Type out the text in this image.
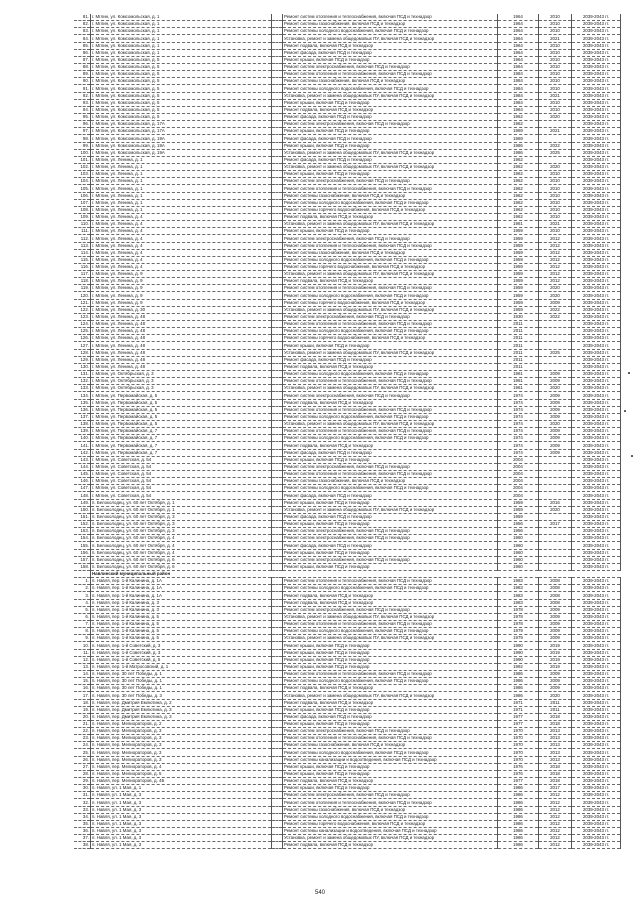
81.	г. Мглин, ул. Комсомольская, д. 1		Ремонт систем отопления и теплоснабжения, включая ПСД и технадзор	1964	2010	2039-2043 гг.
82.	г. Мглин, ул. Комсомольская, д. 1		Ремонт системы газоснабжения, включая ПСД и технадзор	1964	2010	2039-2043 гг.
83.	г. Мглин, ул. Комсомольская, д. 1		Ремонт системы холодного водоснабжения, включая ПСД и технадзор	1964	2010	2039-2043 гг.
84.	г. Мглин, ул. Комсомольская, д. 1		Установка, ремонт и замена общедомовых ПУ, включая ПСД и технадзор	1964	2021	2039-2043 гг.
85.	г. Мглин, ул. Комсомольская, д. 1		Ремонт подвала, включая ПСД и технадзор	1964	2010	2039-2043 гг.
86.	г. Мглин, ул. Комсомольская, д. 1		Ремонт фасада, включая ПСД и технадзор	1964	2010	2039-2043 гг.
87.	г. Мглин, ул. Комсомольская, д. 5		Ремонт крыши, включая ПСД и технадзор	1964	2010	2039-2043 гг.
88.	г. Мглин, ул. Комсомольская, д. 5		Ремонт систем электроснабжения, включая ПСД и технадзор	1964	2010	2039-2043 гг.
89.	г. Мглин, ул. Комсомольская, д. 5		Ремонт систем отопления и теплоснабжения, включая ПСД и технадзор	1984	2010	2039-2043 гг.
90.	г. Мглин, ул. Комсомольская, д. 5		Ремонт системы газоснабжения, включая ПСД и технадзор	1984	2010	2039-2043 гг.
91.	г. Мглин, ул. Комсомольская, д. 5		Ремонт системы холодного водоснабжения, включая ПСД и технадзор	1984	2010	2039-2043 гг.
92.	г. Мглин, ул. Комсомольская, д. 5		Установка, ремонт и замена общедомовых ПУ, включая ПСД и технадзор	1984	2021	2039-2043 гг.
93.	г. Мглин, ул. Комсомольская, д. 5		Ремонт крыши, включая ПСД и технадзор	1984	2010	2039-2043 гг.
94.	г. Мглин, ул. Комсомольская, д. 5		Ремонт подвала, включая ПСД и технадзор	1984	2010	2039-2043 гг.
95.	г. Мглин, ул. Комсомольская, д. 5		Ремонт фасада, включая ПСД и технадзор	1962	2020	2039-2043 гг.
96.	г. Мглин, ул. Комсомольская, д. 17А		Ремонт систем электроснабжения, включая ПСД и технадзор	1962		2039-2043 гг.
97.	г. Мглин, ул. Комсомольская, д. 17А		Ремонт крыши, включая ПСД и технадзор	1969	2021	2039-2043 гг.
98.	г. Мглин, ул. Комсомольская, д. 19А		Ремонт фасада, включая ПСД и технадзор	1969		2039-2043 гг.
99.	г. Мглин, ул. Комсомольская, д. 19А		Ремонт крыши, включая ПСД и технадзор	1986	2022	2039-2043 гг.
100.	г. Мглин, ул. Комсомольская, д. 19А		Установка, ремонт и замена общедомовых ПУ, включая ПСД и технадзор	1986	2025	2039-2043 гг.
101.	г. Мглин, ул. Ленина, д. 1		Ремонт фасада, включая ПСД и технадзор	1962		2039-2043 гг.
102.	г. Мглин, ул. Ленина, д. 1		Установка, ремонт и замена общедомовых ПУ, включая ПСД и технадзор	1962	2020	2039-2043 гг.
103.	г. Мглин, ул. Ленина, д. 1		Ремонт крыши, включая ПСД и технадзор	1962	2010	2039-2043 гг.
104.	г. Мглин, ул. Ленина, д. 1		Ремонт систем электроснабжения, включая ПСД и технадзор	1962	2010	2039-2043 гг.
105.	г. Мглин, ул. Ленина, д. 1		Ремонт систем отопления и теплоснабжения, включая ПСД и технадзор	1962	2010	2039-2043 гг.
106.	г. Мглин, ул. Ленина, д. 1		Ремонт системы газоснабжения, включая ПСД и технадзор	1962	2010	2039-2043 гг.
107.	г. Мглин, ул. Ленина, д. 1		Ремонт системы холодного водоснабжения, включая ПСД и технадзор	1962	2010	2039-2043 гг.
108.	г. Мглин, ул. Ленина, д. 1		Ремонт системы горячего водоснабжения, включая ПСД и технадзор	1962	2010	2039-2043 гг.
109.	г. Мглин, ул. Ленина, д. 4		Ремонт подвала, включая ПСД и технадзор	1962	2010	2039-2043 гг.
110.	г. Мглин, ул. Ленина, д. 4		Установка, ремонт и замена общедомовых ПУ, включая ПСД и технадзор	1961	2021	2039-2043 гг.
111.	г. Мглин, ул. Ленина, д. 4		Ремонт крыши, включая ПСД и технадзор	1959	2010	2039-2043 гг.
112.	г. Мглин, ул. Ленина, д. 4		Ремонт систем электроснабжения, включая ПСД и технадзор	1959	2012	2039-2043 гг.
113.	г. Мглин, ул. Ленина, д. 4		Ремонт систем отопления и теплоснабжения, включая ПСД и технадзор	1959	2012	2039-2043 гг.
114.	г. Мглин, ул. Ленина, д. 4		Ремонт системы газоснабжения, включая ПСД и технадзор	1959	2012	2039-2043 гг.
115.	г. Мглин, ул. Ленина, д. 4		Ремонт системы холодного водоснабжения, включая ПСД и технадзор	1959	2012	2039-2043 гг.
116.	г. Мглин, ул. Ленина, д. 4		Ремонт системы горячего водоснабжения, включая ПСД и технадзор	1959	2012	2039-2043 гг.
117.	г. Мглин, ул. Ленина, д. 9		Установка, ремонт и замена общедомовых ПУ, включая ПСД и технадзор	1959	2012	2039-2043 гг.
118.	г. Мглин, ул. Ленина, д. 9		Ремонт подвала, включая ПСД и технадзор	1959	2012	2039-2043 гг.
119.	г. Мглин, ул. Ленина, д. 9		Ремонт систем отопления и теплоснабжения, включая ПСД и технадзор	1959	2020	2039-2043 гг.
120.	г. Мглин, ул. Ленина, д. 9		Ремонт системы холодного водоснабжения, включая ПСД и технадзор	1959	2020	2039-2043 гг.
121.	г. Мглин, ул. Ленина, д. 9		Ремонт системы горячего водоснабжения, включая ПСД и технадзор	1959	2009	2039-2043 гг.
122.	г. Мглин, ул. Ленина, д. 30		Установка, ремонт и замена общедомовых ПУ, включая ПСД и технадзор	1959	2022	2039-2043 гг.
123.	г. Мглин, ул. Ленина, д. 48		Ремонт систем электроснабжения, включая ПСД и технадзор	1930	2022	2039-2043 гг.
124.	г. Мглин, ул. Ленина, д. 48		Ремонт систем отопления и теплоснабжения, включая ПСД и технадзор	2011		2039-2043 гг.
125.	г. Мглин, ул. Ленина, д. 48		Ремонт системы холодного водоснабжения, включая ПСД и технадзор	2011		2039-2043 гг.
126.	г. Мглин, ул. Ленина, д. 48		Ремонт системы горячего водоснабжения, включая ПСД и технадзор	2011		2039-2043 гг.
127.	г. Мглин, ул. Ленина, д. 48		Ремонт крыши, включая ПСД и технадзор	2011		2039-2043 гг.
128.	г. Мглин, ул. Ленина, д. 48		Установка, ремонт и замена общедомовых ПУ, включая ПСД и технадзор	2011	2025	2039-2043 гг.
129.	г. Мглин, ул. Ленина, д. 48		Ремонт фасада, включая ПСД и технадзор	2011		2039-2043 гг.
130.	г. Мглин, ул. Ленина, д. 48		Ремонт подвала, включая ПСД и технадзор	2011		2039-2043 гг.
131.	г. Мглин, ул. Октябрьская, д. 3		Ремонт системы холодного водоснабжения, включая ПСД и технадзор	1961	2009	2039-2043 гг.
132.	г. Мглин, ул. Октябрьская, д. 3		Ремонт систем отопления и теплоснабжения, включая ПСД и технадзор	1961	2009	2039-2043 гг.
133.	г. Мглин, ул. Октябрьская, д. 3		Установка, ремонт и замена общедомовых ПУ, включая ПСД и технадзор	1961	2020	2039-2043 гг.
134.	г. Мглин, ул. Первомайская, д. 5		Ремонт систем электроснабжения, включая ПСД и технадзор	1974	2009	2039-2043 гг.
135.	г. Мглин, ул. Первомайская, д. 5		Ремонт подвала, включая ПСД и технадзор	1974	2009	2039-2043 гг.
136.	г. Мглин, ул. Первомайская, д. 5		Ремонт систем отопления и теплоснабжения, включая ПСД и технадзор	1974	2009	2039-2043 гг.
137.	г. Мглин, ул. Первомайская, д. 5		Ремонт системы холодного водоснабжения, включая ПСД и технадзор	1974	2009	2039-2043 гг.
138.	г. Мглин, ул. Первомайская, д. 5		Установка, ремонт и замена общедомовых ПУ, включая ПСД и технадзор	1974	2020	2039-2043 гг.
139.	г. Мглин, ул. Первомайская, д. 7		Ремонт систем отопления и теплоснабжения, включая ПСД и технадзор	1974	2009	2039-2043 гг.
140.	г. Мглин, ул. Первомайская, д. 7		Ремонт системы холодного водоснабжения, включая ПСД и технадзор	1974	2009	2039-2043 гг.
141.	г. Мглин, ул. Первомайская, д. 7		Ремонт подвала, включая ПСД и технадзор	1974	2009	2039-2043 гг.
142.	г. Мглин, ул. Первомайская, д. 7		Ремонт фасада, включая ПСД и технадзор	1974	2009	2039-2043 гг.
143.	г. Мглин, ул. Советская, д. 54		Ремонт крыши, включая ПСД и технадзор	2004		2039-2043 гг.
144.	г. Мглин, ул. Советская, д. 54		Ремонт систем электроснабжения, включая ПСД и технадзор	2004		2039-2043 гг.
145.	г. Мглин, ул. Советская, д. 54		Ремонт систем отопления и теплоснабжения, включая ПСД и технадзор	2004		2039-2043 гг.
146.	г. Мглин, ул. Советская, д. 54		Ремонт системы газоснабжения, включая ПСД и технадзор	2004		2039-2043 гг.
147.	г. Мглин, ул. Советская, д. 54		Ремонт системы холодного водоснабжения, включая ПСД и технадзор	2004		2039-2043 гг.
148.	г. Мглин, ул. Советская, д. 54		Ремонт фасада, включая ПСД и технадзор	2004		2039-2043 гг.
149.	п. Белоколодец, ул. 60 лет Октября, д. 1		Ремонт крыши, включая ПСД и технадзор	1959	2016	2039-2043 гг.
150.	п. Белоколодец, ул. 60 лет Октября, д. 1		Установка, ремонт и замена общедомовых ПУ, включая ПСД и технадзор	1959	2020	2039-2043 гг.
151.	п. Белоколодец, ул. 60 лет Октября, д. 3		Ремонт фасада, включая ПСД и технадзор	1959		2039-2043 гг.
152.	п. Белоколодец, ул. 60 лет Октября, д. 3		Ремонт крыши, включая ПСД и технадзор	1956	2017	2039-2043 гг.
153.	п. Белоколодец, ул. 60 лет Октября, д. 3		Ремонт систем электроснабжения, включая ПСД и технадзор	1956		2039-2043 гг.
154.	п. Белоколодец, ул. 60 лет Октября, д. 4		Ремонт систем электроснабжения, включая ПСД и технадзор	1960		2039-2043 гг.
155.	п. Белоколодец, ул. 60 лет Октября, д. 4		Ремонт фасада, включая ПСД и технадзор	1960		2039-2043 гг.
156.	п. Белоколодец, ул. 60 лет Октября, д. 4		Ремонт крыши, включая ПСД и технадзор	1960		2039-2043 гг.
157.	п. Белоколодец, ул. 60 лет Октября, д. 6		Ремонт систем электроснабжения, включая ПСД и технадзор	1960		2039-2043 гг.
158.	п. Белоколодец, ул. 60 лет Октября, д. 6		Ремонт крыши, включая ПСД и технадзор	1960		2039-2043 гг.
	Навлинский муниципальный район					
1.	п. Навля, пер. 1-й Калинина, д. 1А		Ремонт систем отопления и теплоснабжения, включая ПСД и технадзор	1983	2008	2039-2043 гг.
2.	п. Навля, пер. 1-й Калинина, д. 1А		Ремонт системы холодного водоснабжения, включая ПСД и технадзор	1983	2008	2039-2043 гг.
3.	п. Навля, пер. 1-й Калинина, д. 1А		Ремонт подвала, включая ПСД и технадзор	1983	2008	2039-2043 гг.
4.	п. Навля, пер. 1-й Калинина, д. 3		Ремонт подвала, включая ПСД и технадзор	1983	2008	2039-2043 гг.
5.	п. Навля, пер. 1-й Калинина, д. 3		Ремонт систем электроснабжения, включая ПСД и технадзор	1978	2009	2039-2043 гг.
6.	п. Навля, пер. 1-й Калинина, д. 5		Установка, ремонт и замена общедомовых ПУ, включая ПСД и технадзор	1978	2009	2039-2043 гг.
7.	п. Навля, пер. 1-й Калинина, д. 5		Ремонт систем отопления и теплоснабжения, включая ПСД и технадзор	1978	2009	2039-2043 гг.
8.	п. Навля, пер. 1-й Калинина, д. 5		Ремонт системы холодного водоснабжения, включая ПСД и технадзор	1979	2009	2039-2043 гг.
9.	п. Навля, пер. 1-й Калинина, д. 5		Установка, ремонт и замена общедомовых ПУ, включая ПСД и технадзор	1979	2009	2039-2043 гг.
10.	п. Навля, пер. 1-й Советский, д. 3		Ремонт крыши, включая ПСД и технадзор	1990	2019	2039-2043 гг.
11.	п. Навля, пер. 1-й Советский, д. 3		Ремонт крыши, включая ПСД и технадзор	1990	2019	2039-2043 гг.
12.	п. Навля, пер. 1-й Советский, д. 5		Ремонт крыши, включая ПСД и технадзор	1990	2019	2039-2043 гг.
13.	п. Навля, пер. 1-й Матросовский, д. 1		Ремонт крыши, включая ПСД и технадзор	1992	2019	2039-2043 гг.
14.	п. Навля, пер. 30 лет Победы, д. 1		Ремонт систем отопления и теплоснабжения, включая ПСД и технадзор	1986	2009	2039-2043 гг.
15.	п. Навля, пер. 30 лет Победы, д. 1		Ремонт системы холодного водоснабжения, включая ПСД и технадзор	1986	2009	2039-2043 гг.
16.	п. Навля, пер. 30 лет Победы, д. 1		Ремонт подвала, включая ПСД и технадзор	1986	2009	2039-2043 гг.
17.	п. Навля, пер. 30 лет Победы, д. 3		Установка, ремонт и замена общедомовых ПУ, включая ПСД и технадзор	1986	2020	2039-2043 гг.
18.	п. Навля, пер. Дмитрия Емлютина, д. 2		Ремонт подвала, включая ПСД и технадзор	1971	2011	2039-2043 гг.
19.	п. Навля, пер. Дмитрия Емлютина, д. 3		Ремонт крыши, включая ПСД и технадзор	1971	2011	2039-2043 гг.
20.	п. Навля, пер. Дмитрия Емлютина, д. 3		Ремонт фасада, включая ПСД и технадзор	1977	2018	2039-2043 гг.
21.	п. Навля, пер. Мелиораторов, д. 2		Ремонт крыши, включая ПСД и технадзор	1977	2018	2039-2043 гг.
22.	п. Навля, пер. Мелиораторов, д. 3		Ремонт систем электроснабжения, включая ПСД и технадзор	1970	2013	2039-2043 гг.
23.	п. Навля, пер. Мелиораторов, д. 3		Ремонт систем отопления и теплоснабжения, включая ПСД и технадзор	1970	2013	2039-2043 гг.
24.	п. Навля, пер. Мелиораторов, д. 3		Ремонт системы газоснабжения, включая ПСД и технадзор	1970	2013	2039-2043 гг.
25.	п. Навля, пер. Мелиораторов, д. 3		Ремонт системы холодного водоснабжения, включая ПСД и технадзор	1970	2013	2039-2043 гг.
26.	п. Навля, пер. Мелиораторов, д. 3		Ремонт системы канализации и водоотведения, включая ПСД и технадзор	1970	2013	2039-2043 гг.
27.	п. Навля, пер. Мелиораторов, д. 4		Ремонт крыши, включая ПСД и технадзор	1976	2018	2039-2043 гг.
28.	п. Навля, пер. Мелиораторов, д. 5		Ремонт крыши, включая ПСД и технадзор	1976	2018	2039-2043 гг.
29.	п. Навля, пер. Мелиораторов, д. 4Б		Ремонт подвала, включая ПСД и технадзор	1977	2018	2039-2043 гг.
30.	п. Навля, ул. 1 Мая, д. 1		Ремонт крыши, включая ПСД и технадзор	1986	2017	2039-2043 гг.
31.	п. Навля, ул. 1 Мая, д. 3		Ремонт систем электроснабжения, включая ПСД и технадзор	1986	2012	2039-2043 гг.
32.	п. Навля, ул. 1 Мая, д. 3		Ремонт систем отопления и теплоснабжения, включая ПСД и технадзор	1986	2012	2039-2043 гг.
33.	п. Навля, ул. 1 Мая, д. 3		Ремонт системы газоснабжения, включая ПСД и технадзор	1986	2012	2039-2043 гг.
34.	п. Навля, ул. 1 Мая, д. 3		Ремонт системы холодного водоснабжения, включая ПСД и технадзор	1986	2012	2039-2043 гг.
35.	п. Навля, ул. 1 Мая, д. 3		Ремонт системы горячего водоснабжения, включая ПСД и технадзор	1986	2012	2039-2043 гг.
36.	п. Навля, ул. 1 Мая, д. 3		Ремонт системы канализации и водоотведения, включая ПСД и технадзор	1986	2012	2039-2043 гг.
37.	п. Навля, ул. 1 Мая, д. 3		Установка, ремонт и замена общедомовых ПУ, включая ПСД и технадзор	1986	2012	2039-2043 гг.
38.	п. Навля, ул. 1 Мая, д. 3		Ремонт подвала, включая ПСД и технадзор	1986	2012	2039-2043 гг.
540
